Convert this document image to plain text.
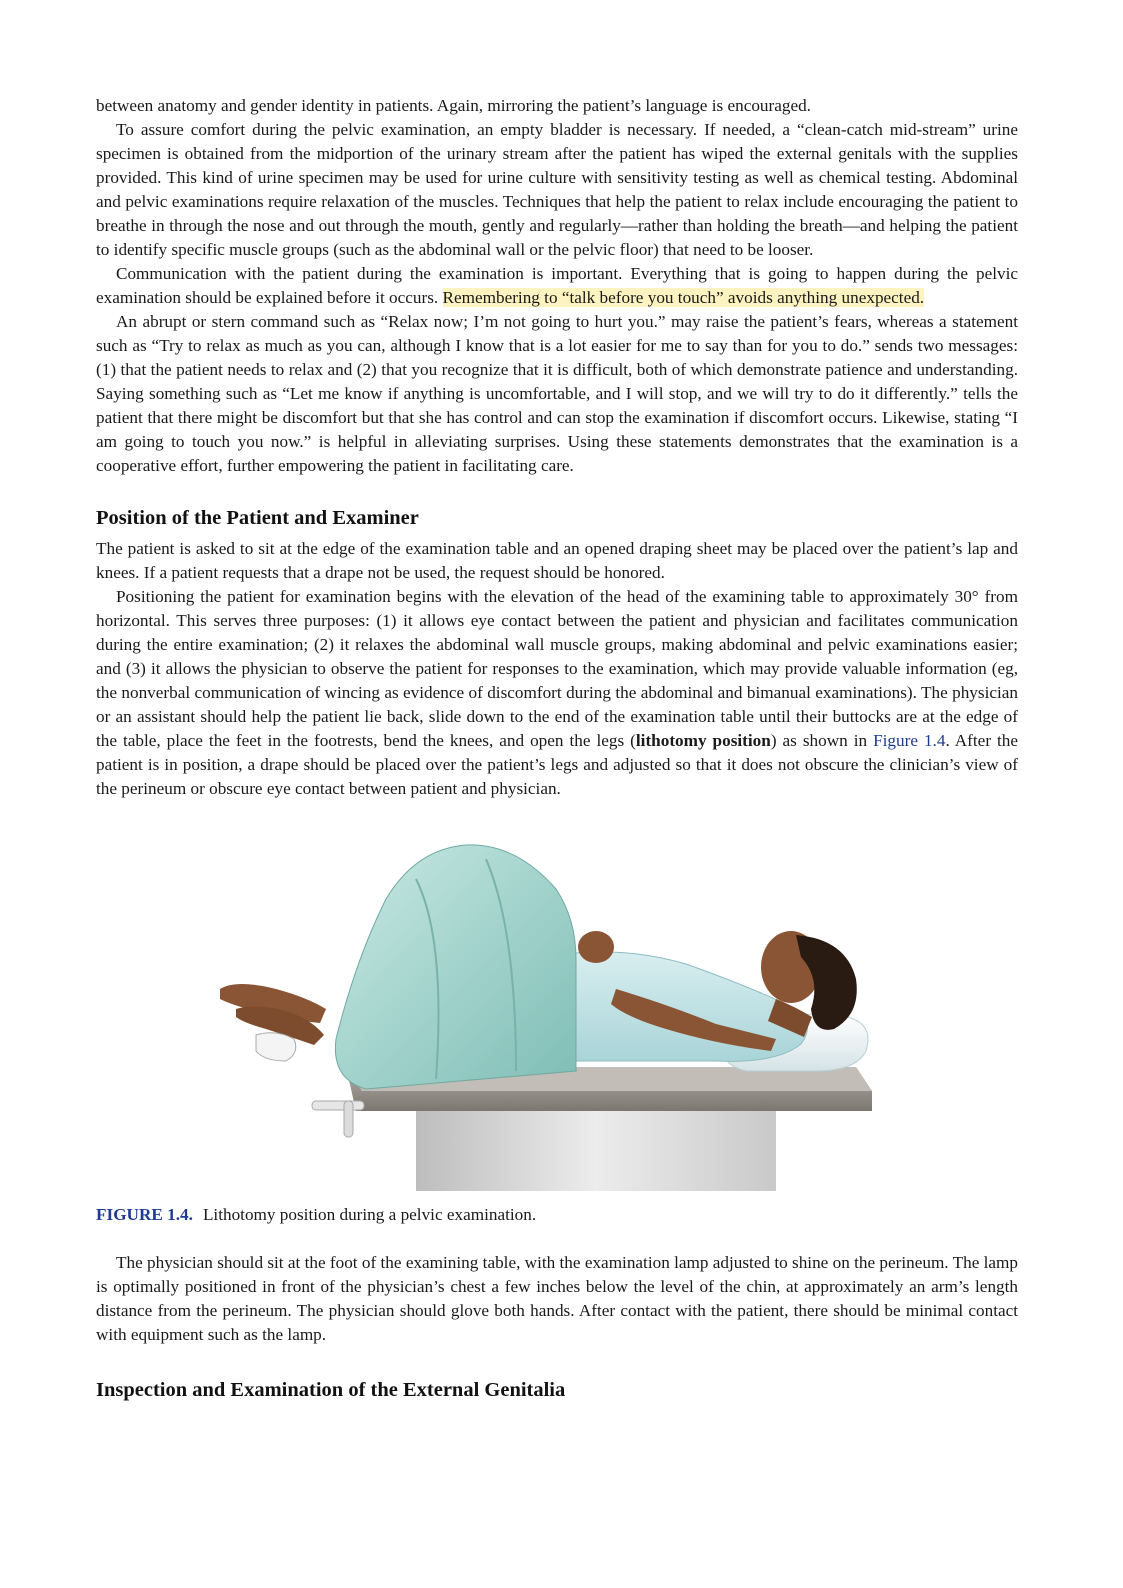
between anatomy and gender identity in patients. Again, mirroring the patient’s language is encouraged.

To assure comfort during the pelvic examination, an empty bladder is necessary. If needed, a “clean-catch mid-stream” urine specimen is obtained from the midportion of the urinary stream after the patient has wiped the external genitals with the supplies provided. This kind of urine specimen may be used for urine culture with sensitivity testing as well as chemical testing. Abdominal and pelvic examinations require relaxation of the muscles. Techniques that help the patient to relax include encouraging the patient to breathe in through the nose and out through the mouth, gently and regularly—rather than holding the breath—and helping the patient to identify specific muscle groups (such as the abdominal wall or the pelvic floor) that need to be looser.

Communication with the patient during the examination is important. Everything that is going to happen during the pelvic examination should be explained before it occurs. Remembering to “talk before you touch” avoids anything unexpected.

An abrupt or stern command such as “Relax now; I’m not going to hurt you.” may raise the patient’s fears, whereas a statement such as “Try to relax as much as you can, although I know that is a lot easier for me to say than for you to do.” sends two messages: (1) that the patient needs to relax and (2) that you recognize that it is difficult, both of which demonstrate patience and understanding. Saying something such as “Let me know if anything is uncomfortable, and I will stop, and we will try to do it differently.” tells the patient that there might be discomfort but that she has control and can stop the examination if discomfort occurs. Likewise, stating “I am going to touch you now.” is helpful in alleviating surprises. Using these statements demonstrates that the examination is a cooperative effort, further empowering the patient in facilitating care.

Position of the Patient and Examiner

The patient is asked to sit at the edge of the examination table and an opened draping sheet may be placed over the patient’s lap and knees. If a patient requests that a drape not be used, the request should be honored.

Positioning the patient for examination begins with the elevation of the head of the examining table to approximately 30° from horizontal. This serves three purposes: (1) it allows eye contact between the patient and physician and facilitates communication during the entire examination; (2) it relaxes the abdominal wall muscle groups, making abdominal and pelvic examinations easier; and (3) it allows the physician to observe the patient for responses to the examination, which may provide valuable information (eg, the nonverbal communication of wincing as evidence of discomfort during the abdominal and bimanual examinations). The physician or an assistant should help the patient lie back, slide down to the end of the examination table until their buttocks are at the edge of the table, place the feet in the footrests, bend the knees, and open the legs (lithotomy position) as shown in Figure 1.4. After the patient is in position, a drape should be placed over the patient’s legs and adjusted so that it does not obscure the clinician’s view of the perineum or obscure eye contact between patient and physician.

FIGURE 1.4. Lithotomy position during a pelvic examination.

The physician should sit at the foot of the examining table, with the examination lamp adjusted to shine on the perineum. The lamp is optimally positioned in front of the physician’s chest a few inches below the level of the chin, at approximately an arm’s length distance from the perineum. The physician should glove both hands. After contact with the patient, there should be minimal contact with equipment such as the lamp.

Inspection and Examination of the External Genitalia
